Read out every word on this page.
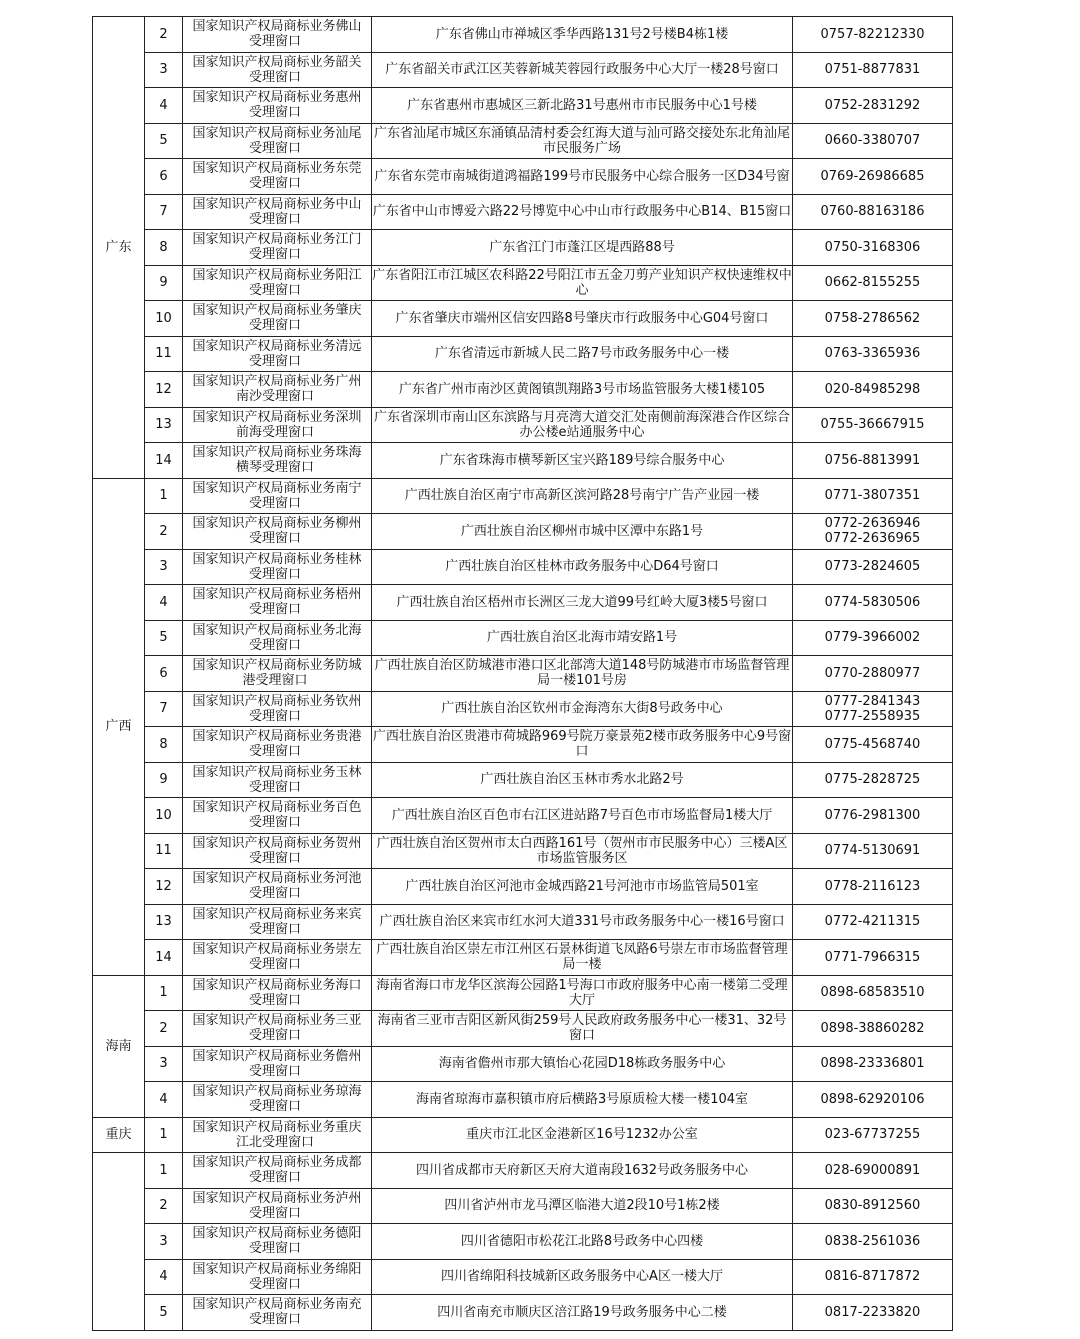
广东	2	国家知识产权局商标业务佛山
受理窗口	广东省佛山市禅城区季华西路131号2号楼B4栋1楼	0757-82212330

	3	国家知识产权局商标业务韶关
受理窗口	广东省韶关市武江区芙蓉新城芙蓉园行政服务中心大厅一楼28号窗口	0751-8877831

	4	国家知识产权局商标业务惠州
受理窗口	广东省惠州市惠城区三新北路31号惠州市市民服务中心1号楼	0752-2831292

	5	国家知识产权局商标业务汕尾
受理窗口	广东省汕尾市城区东涌镇品清村委会红海大道与汕可路交接处东北角汕尾市民服务广场	0660-3380707

	6	国家知识产权局商标业务东莞
受理窗口	广东省东莞市南城街道鸿福路199号市民服务中心综合服务一区D34号窗	0769-26986685

	7	国家知识产权局商标业务中山
受理窗口	广东省中山市博爱六路22号博览中心中山市行政服务中心B14、B15窗口	0760-88163186

	8	国家知识产权局商标业务江门
受理窗口	广东省江门市蓬江区堤西路88号	0750-3168306

	9	国家知识产权局商标业务阳江
受理窗口	广东省阳江市江城区农科路22号阳江市五金刀剪产业知识产权快速维权中心	0662-8155255

	10	国家知识产权局商标业务肇庆
受理窗口	广东省肇庆市端州区信安四路8号肇庆市行政服务中心G04号窗口	0758-2786562

	11	国家知识产权局商标业务清远
受理窗口	广东省清远市新城人民二路7号市政务服务中心一楼	0763-3365936

	12	国家知识产权局商标业务广州
南沙受理窗口	广东省广州市南沙区黄阁镇凯翔路3号市场监管服务大楼1楼105	020-84985298

	13	国家知识产权局商标业务深圳
前海受理窗口	广东省深圳市南山区东滨路与月亮湾大道交汇处南侧前海深港合作区综合办公楼e站通服务中心	0755-36667915

	14	国家知识产权局商标业务珠海
横琴受理窗口	广东省珠海市横琴新区宝兴路189号综合服务中心	0756-8813991

广西	1	国家知识产权局商标业务南宁
受理窗口	广西壮族自治区南宁市高新区滨河路28号南宁广告产业园一楼	0771-3807351

	2	国家知识产权局商标业务柳州
受理窗口	广西壮族自治区柳州市城中区潭中东路1号	0772-2636946
0772-2636965

	3	国家知识产权局商标业务桂林
受理窗口	广西壮族自治区桂林市政务服务中心D64号窗口	0773-2824605

	4	国家知识产权局商标业务梧州
受理窗口	广西壮族自治区梧州市长洲区三龙大道99号红岭大厦3楼5号窗口	0774-5830506

	5	国家知识产权局商标业务北海
受理窗口	广西壮族自治区北海市靖安路1号	0779-3966002

	6	国家知识产权局商标业务防城
港受理窗口	广西壮族自治区防城港市港口区北部湾大道148号防城港市市场监督管理局一楼101号房	0770-2880977

	7	国家知识产权局商标业务钦州
受理窗口	广西壮族自治区钦州市金海湾东大街8号政务中心	0777-2841343
0777-2558935

	8	国家知识产权局商标业务贵港
受理窗口	广西壮族自治区贵港市荷城路969号院万豪景苑2楼市政务服务中心9号窗口	0775-4568740

	9	国家知识产权局商标业务玉林
受理窗口	广西壮族自治区玉林市秀水北路2号	0775-2828725

	10	国家知识产权局商标业务百色
受理窗口	广西壮族自治区百色市右江区进站路7号百色市市场监督局1楼大厅	0776-2981300

	11	国家知识产权局商标业务贺州
受理窗口	广西壮族自治区贺州市太白西路161号（贺州市市民服务中心）三楼A区市场监管服务区	0774-5130691

	12	国家知识产权局商标业务河池
受理窗口	广西壮族自治区河池市金城西路21号河池市市场监管局501室	0778-2116123

	13	国家知识产权局商标业务来宾
受理窗口	广西壮族自治区来宾市红水河大道331号市政务服务中心一楼16号窗口	0772-4211315

	14	国家知识产权局商标业务崇左
受理窗口	广西壮族自治区崇左市江州区石景林街道飞凤路6号崇左市市场监督管理局一楼	0771-7966315

海南	1	国家知识产权局商标业务海口
受理窗口	海南省海口市龙华区滨海公园路1号海口市政府服务中心南一楼第二受理大厅	0898-68583510

	2	国家知识产权局商标业务三亚
受理窗口	海南省三亚市吉阳区新风街259号人民政府政务服务中心一楼31、32号窗口	0898-38860282

	3	国家知识产权局商标业务儋州
受理窗口	海南省儋州市那大镇怡心花园D18栋政务服务中心	0898-23336801

	4	国家知识产权局商标业务琼海
受理窗口	海南省琼海市嘉积镇市府后横路3号原质检大楼一楼104室	0898-62920106

重庆	1	国家知识产权局商标业务重庆
江北受理窗口	重庆市江北区金港新区16号1232办公室	023-67737255

	1	国家知识产权局商标业务成都
受理窗口	四川省成都市天府新区天府大道南段1632号政务服务中心	028-69000891

	2	国家知识产权局商标业务泸州
受理窗口	四川省泸州市龙马潭区临港大道2段10号1栋2楼	0830-8912560

	3	国家知识产权局商标业务德阳
受理窗口	四川省德阳市松花江北路8号政务中心四楼	0838-2561036

	4	国家知识产权局商标业务绵阳
受理窗口	四川省绵阳科技城新区政务服务中心A区一楼大厅	0816-8717872

	5	国家知识产权局商标业务南充
受理窗口	四川省南充市顺庆区涪江路19号政务服务中心二楼	0817-2233820
